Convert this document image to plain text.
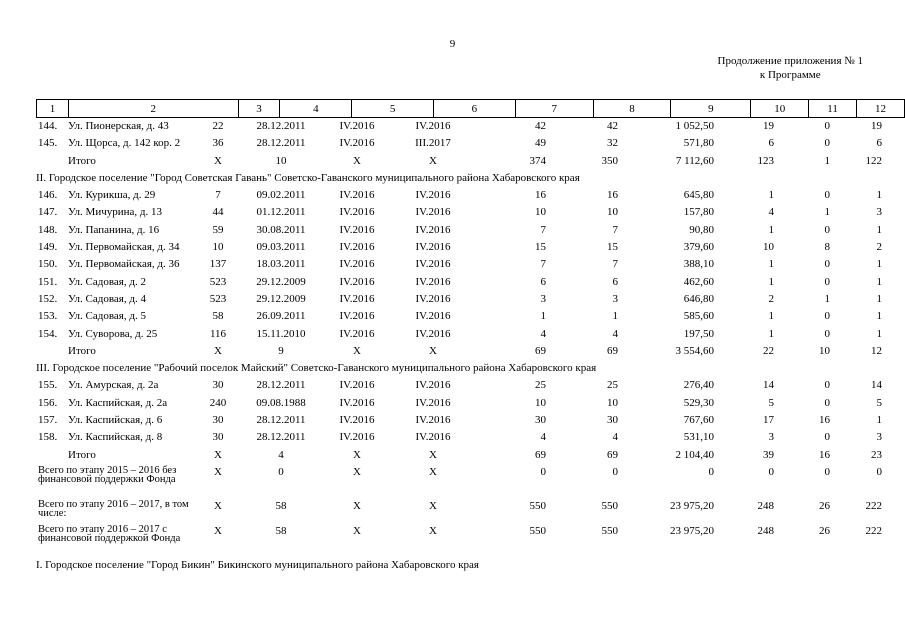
9
Продолжение приложения № 1
к Программе
1	2	3	4	5	6	7	8	9	10	11	12
144.	Ул. Пионерская, д. 43	22	28.12.2011	IV.2016	IV.2016	42	42	1 052,50	19	0	19
145.	Ул. Щорса, д. 142 кор. 2	36	28.12.2011	IV.2016	III.2017	49	32	571,80	6	0	6
	Итого	X	10	X	X	374	350	7 112,60	123	1	122
II. Городское поселение "Город Советская Гавань" Советско-Гаванского муниципального района Хабаровского края											
146.	Ул. Курикша, д. 29	7	09.02.2011	IV.2016	IV.2016	16	16	645,80	1	0	1
147.	Ул. Мичурина, д. 13	44	01.12.2011	IV.2016	IV.2016	10	10	157,80	4	1	3
148.	Ул. Папанина, д. 16	59	30.08.2011	IV.2016	IV.2016	7	7	90,80	1	0	1
149.	Ул. Первомайская, д. 34	10	09.03.2011	IV.2016	IV.2016	15	15	379,60	10	8	2
150.	Ул. Первомайская, д. 36	137	18.03.2011	IV.2016	IV.2016	7	7	388,10	1	0	1
151.	Ул. Садовая, д. 2	523	29.12.2009	IV.2016	IV.2016	6	6	462,60	1	0	1
152.	Ул. Садовая, д. 4	523	29.12.2009	IV.2016	IV.2016	3	3	646,80	2	1	1
153.	Ул. Садовая, д. 5	58	26.09.2011	IV.2016	IV.2016	1	1	585,60	1	0	1
154.	Ул. Суворова, д. 25	116	15.11.2010	IV.2016	IV.2016	4	4	197,50	1	0	1
	Итого	X	9	X	X	69	69	3 554,60	22	10	12
III. Городское поселение "Рабочий поселок Майский" Советско-Гаванского муниципального района Хабаровского края											
155.	Ул. Амурская, д. 2а	30	28.12.2011	IV.2016	IV.2016	25	25	276,40	14	0	14
156.	Ул. Каспийская, д. 2а	240	09.08.1988	IV.2016	IV.2016	10	10	529,30	5	0	5
157.	Ул. Каспийская, д. 6	30	28.12.2011	IV.2016	IV.2016	30	30	767,60	17	16	1
158.	Ул. Каспийская, д. 8	30	28.12.2011	IV.2016	IV.2016	4	4	531,10	3	0	3
	Итого	X	4	X	X	69	69	2 104,40	39	16	23
Всего по этапу 2015 – 2016 без финансовой поддержки Фонда		X	0	X	X	0	0	0	0	0	0
Всего по этапу 2016 – 2017, в том числе:		X	58	X	X	550	550	23 975,20	248	26	222
Всего по этапу 2016 – 2017 с финансовой поддержкой Фонда		X	58	X	X	550	550	23 975,20	248	26	222
I. Городское поселение "Город Бикин" Бикинского муниципального района Хабаровского края											
